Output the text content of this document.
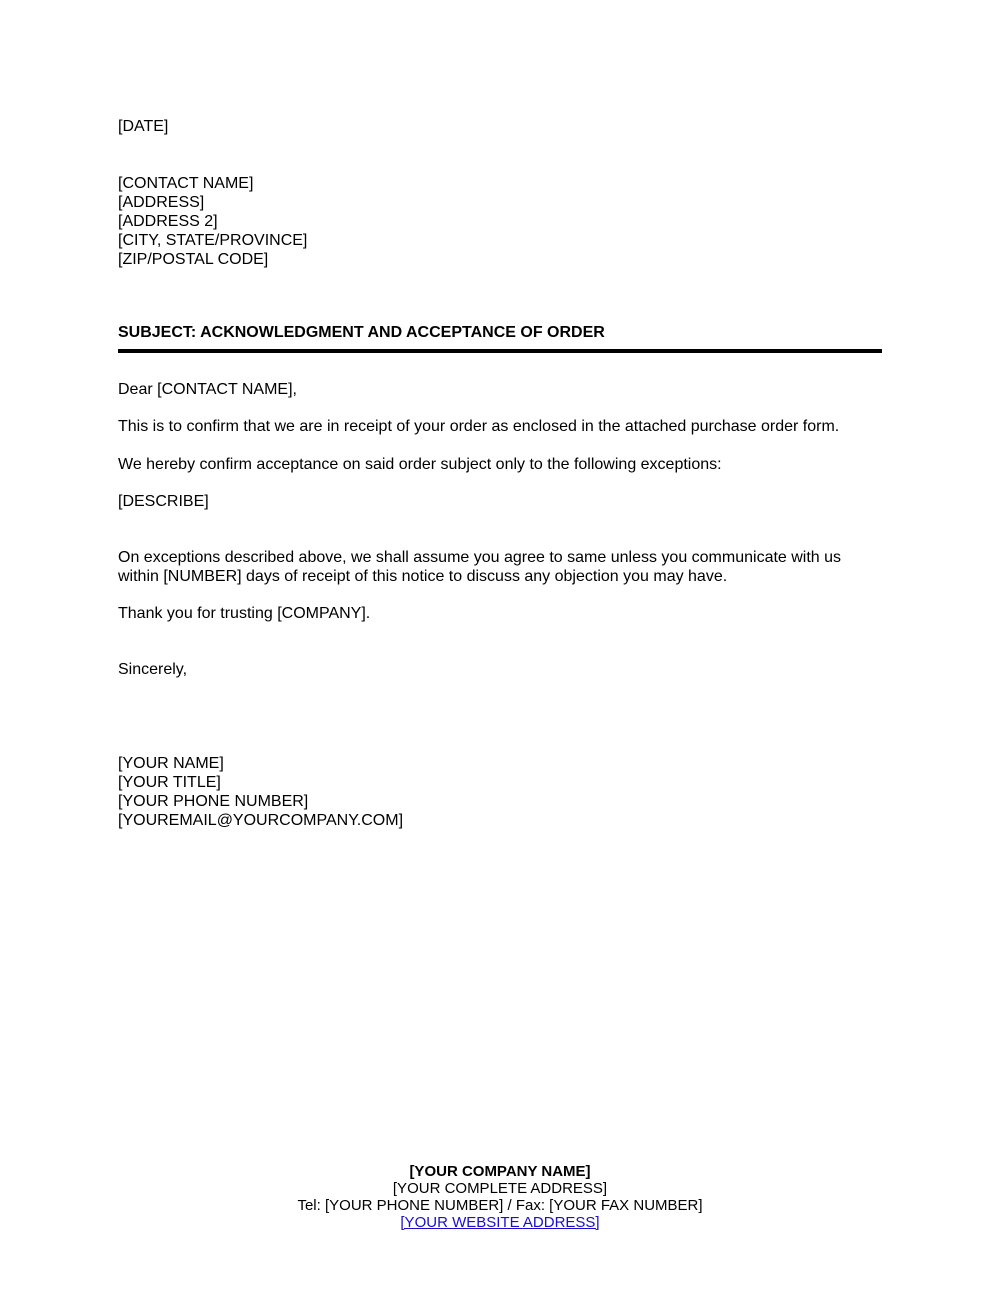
[DATE]
[CONTACT NAME]
[ADDRESS]
[ADDRESS 2]
[CITY, STATE/PROVINCE]
[ZIP/POSTAL CODE]
SUBJECT: ACKNOWLEDGMENT AND ACCEPTANCE OF ORDER
Dear [CONTACT NAME],
This is to confirm that we are in receipt of your order as enclosed in the attached purchase order form.
We hereby confirm acceptance on said order subject only to the following exceptions:
[DESCRIBE]
On exceptions described above, we shall assume you agree to same unless you communicate with us
within [NUMBER] days of receipt of this notice to discuss any objection you may have.
Thank you for trusting [COMPANY].
Sincerely,
[YOUR NAME]
[YOUR TITLE]
[YOUR PHONE NUMBER]
[YOUREMAIL@YOURCOMPANY.COM]
[YOUR COMPANY NAME]
[YOUR COMPLETE ADDRESS]
Tel: [YOUR PHONE NUMBER] / Fax: [YOUR FAX NUMBER]
[YOUR WEBSITE ADDRESS]
